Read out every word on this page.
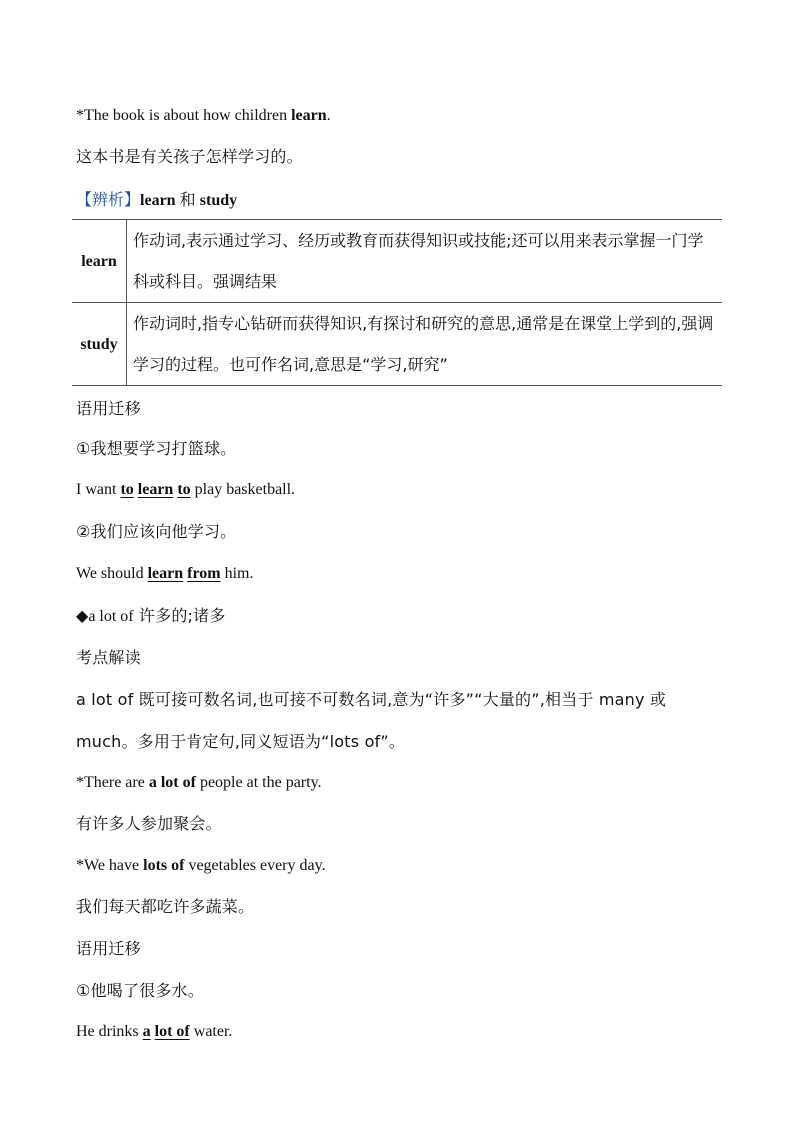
*The book is about how children learn.
这本书是有关孩子怎样学习的。
【辨析】learn 和 study
learn	作动词,表示通过学习、经历或教育而获得知识或技能;还可以用来表示掌握一门学科或科目。强调结果

study	作动词时,指专心钻研而获得知识,有探讨和研究的意思,通常是在课堂上学到的,强调学习的过程。也可作名词,意思是“学习,研究”
语用迁移
①我想要学习打篮球。
I want to learn to play basketball.
②我们应该向他学习。
We should learn from him.
◆a lot of 许多的;诸多
考点解读
a lot of 既可接可数名词,也可接不可数名词,意为“许多”“大量的”,相当于 many 或
much。多用于肯定句,同义短语为“lots of”。
*There are a lot of people at the party.
有许多人参加聚会。
*We have lots of vegetables every day.
我们每天都吃许多蔬菜。
语用迁移
①他喝了很多水。
He drinks a lot of water.
